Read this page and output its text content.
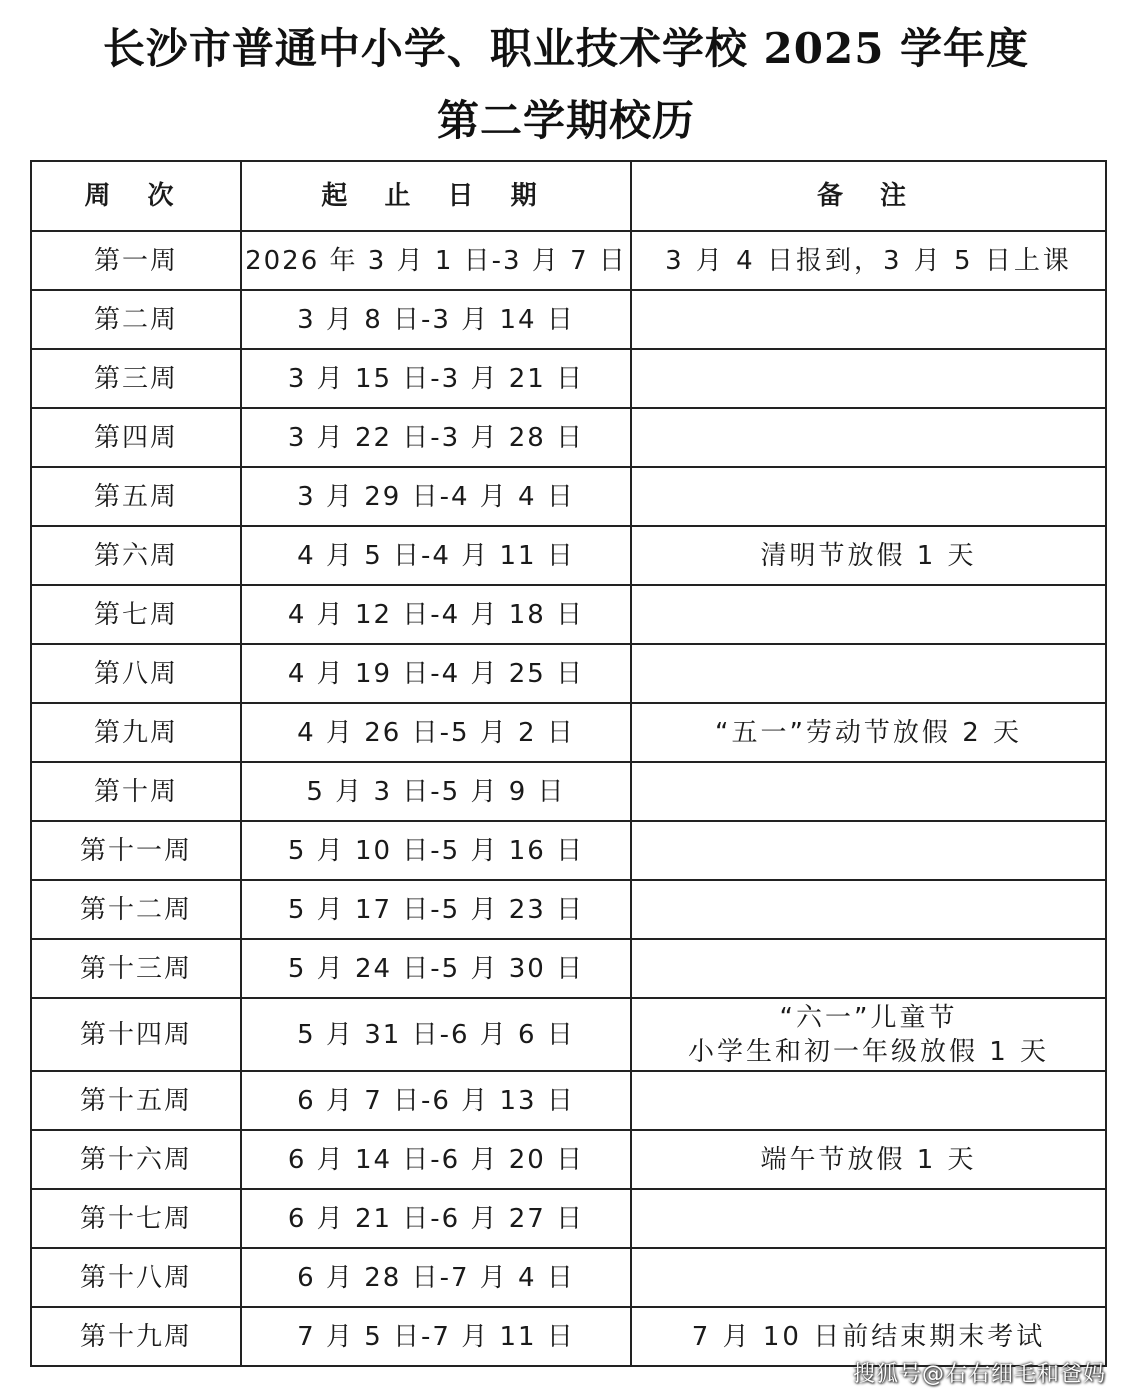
长沙市普通中小学、职业技术学校 2025 学年度
第二学期校历
周 次	起 止 日 期	备 注
第一周	2026 年 3 月 1 日-3 月 7 日	3 月 4 日报到，3 月 5 日上课

第二周	3 月 8 日-3 月 14 日	
第三周	3 月 15 日-3 月 21 日	
第四周	3 月 22 日-3 月 28 日	
第五周	3 月 29 日-4 月 4 日	
第六周	4 月 5 日-4 月 11 日	清明节放假 1 天

第七周	4 月 12 日-4 月 18 日	
第八周	4 月 19 日-4 月 25 日	
第九周	4 月 26 日-5 月 2 日	“五一”劳动节放假 2 天

第十周	5 月 3 日-5 月 9 日	
第十一周	5 月 10 日-5 月 16 日	
第十二周	5 月 17 日-5 月 23 日	
第十三周	5 月 24 日-5 月 30 日	
第十四周	5 月 31 日-6 月 6 日	“六一”儿童节
小学生和初一年级放假 1 天

第十五周	6 月 7 日-6 月 13 日	
第十六周	6 月 14 日-6 月 20 日	端午节放假 1 天

第十七周	6 月 21 日-6 月 27 日	
第十八周	6 月 28 日-7 月 4 日	
第十九周	7 月 5 日-7 月 11 日	7 月 10 日前结束期末考试
搜狐号@右右细毛和爸妈
